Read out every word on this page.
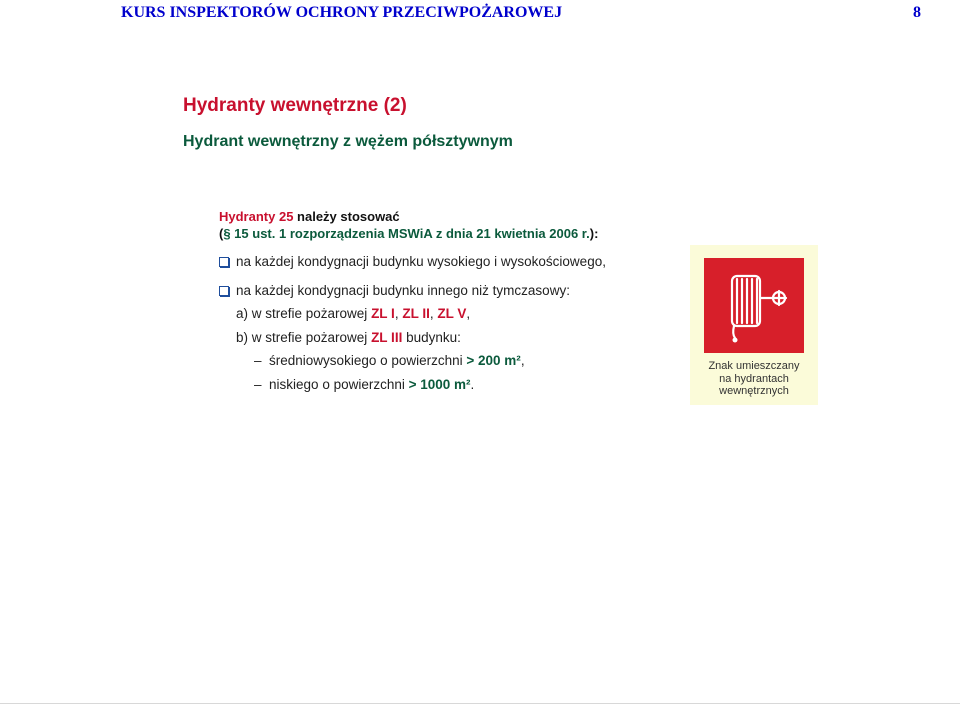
KURS INSPEKTORÓW OCHRONY PRZECIWPOŻAROWEJ	8
Hydranty wewnętrzne (2)
Hydrant wewnętrzny z wężem półsztywnym
Hydranty 25 należy stosować
(§ 15 ust. 1 rozporządzenia MSWiA z dnia 21 kwietnia 2006 r.):
na każdej kondygnacji budynku wysokiego i wysokościowego,
na każdej kondygnacji budynku innego niż tymczasowy:
a) w strefie pożarowej ZL I, ZL II, ZL V,
b) w strefie pożarowej ZL III budynku:
– średniowysokiego o powierzchni > 200 m²,
– niskiego o powierzchni > 1000 m².
Znak umieszczany
na hydrantach
wewnętrznych
